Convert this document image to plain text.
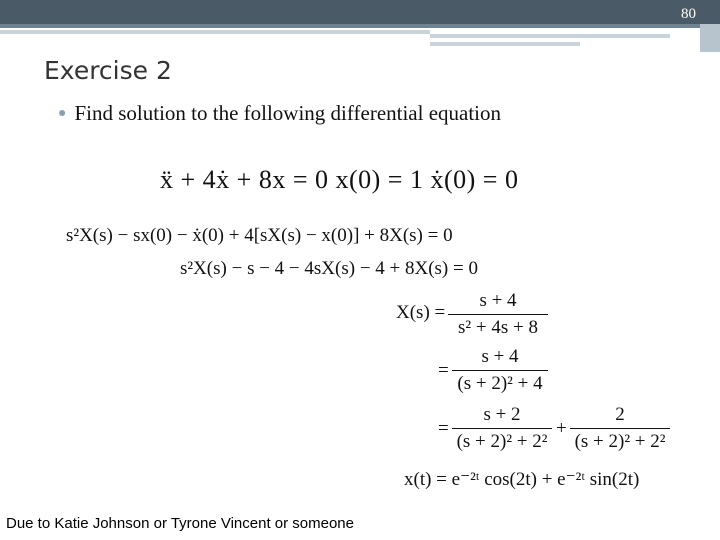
80
Exercise 2
● Find solution to the following differential equation
ẍ + 4ẋ + 8x = 0 x(0) = 1 ẋ(0) = 0
s²X(s) − sx(0) − ẋ(0) + 4[sX(s) − x(0)] + 8X(s) = 0
s²X(s) − s − 4 − 4sX(s) − 4 + 8X(s) = 0
X(s) =
s + 4
s² + 4s + 8
=
s + 4
(s + 2)² + 4
=
s + 2
(s + 2)² + 2²
+
2
(s + 2)² + 2²
x(t) = e⁻²ᵗ cos(2t) + e⁻²ᵗ sin(2t)
Due to Katie Johnson or Tyrone Vincent or someone
